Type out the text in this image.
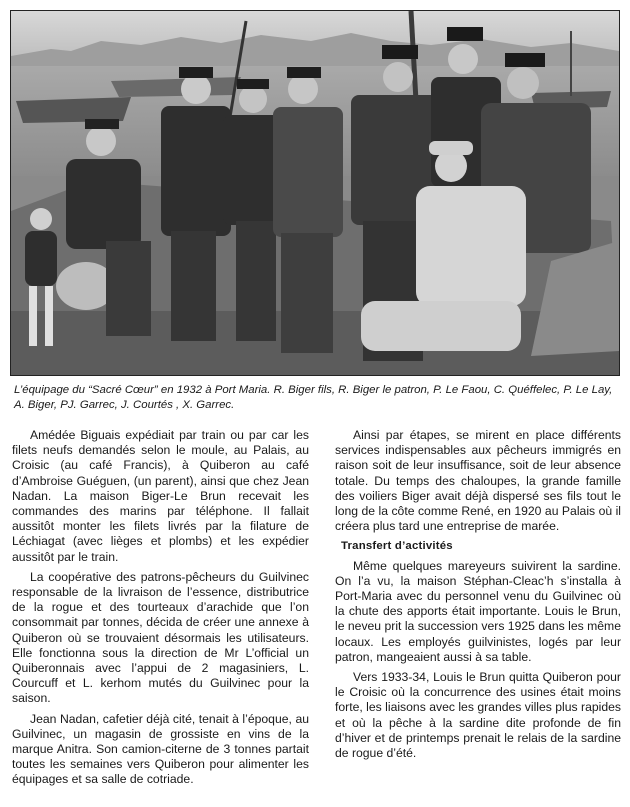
L’équipage du “Sacré Cœur” en 1932 à Port Maria. R. Biger fils, R. Biger le patron, P. Le Faou, C. Quéffelec, P. Le Lay, A. Biger, PJ. Garrec, J. Courtés , X. Garrec.

Amédée Biguais expédiait par train ou par car les filets neufs demandés selon le moule, au Palais, au Croisic (au café Francis), à Quiberon au café d’Ambroise Guéguen, (un parent), ainsi que chez Jean Nadan. La maison Biger-Le Brun recevait les commandes des marins par téléphone. Il fallait aussitôt monter les filets livrés par la filature de Léchiagat (avec lièges et plombs) et les expédier aussitôt par le train.

La coopérative des patrons-pêcheurs du Guilvinec responsable de la livraison de l’essence, distributrice de la rogue et des tourteaux d’arachide que l’on consommait par tonnes, décida de créer une annexe à Quiberon où se trouvaient désormais les utilisateurs. Elle fonctionna sous la direction de Mr L’official un Quiberonnais avec l’appui de 2 magasiniers, L. Courcuff et L. kerhom mutés du Guilvinec pour la saison.

Jean Nadan, cafetier déjà cité, tenait à l’époque, au Guilvinec, un magasin de grossiste en vins de la marque Anitra. Son camion-citerne de 3 tonnes partait toutes les semaines vers Quiberon pour alimenter les équipages et sa salle de cotriade.

Ainsi par étapes, se mirent en place différents services indispensables aux pêcheurs immigrés en raison soit de leur insuffisance, soit de leur absence totale. Du temps des chaloupes, la grande famille des voiliers Biger avait déjà dispersé ses fils tout le long de la côte comme René, en 1920 au Palais où il créera plus tard une entreprise de marée.

Transfert d’activités

Même quelques mareyeurs suivirent la sardine. On l’a vu, la maison Stéphan-Cleac’h s’installa à Port-Maria avec du personnel venu du Guilvinec où la chute des apports était importante. Louis le Brun, le neveu prit la succession vers 1925 dans les même locaux. Les employés guilvinistes, logés par leur patron, mangeaient aussi à sa table.

Vers 1933-34, Louis le Brun quitta Quiberon pour le Croisic où la concurrence des usines était moins forte, les liaisons avec les grandes villes plus rapides et où la pêche à la sardine dite profonde de fin d’hiver et de printemps prenait le relais de la sardine de rogue d’été.
